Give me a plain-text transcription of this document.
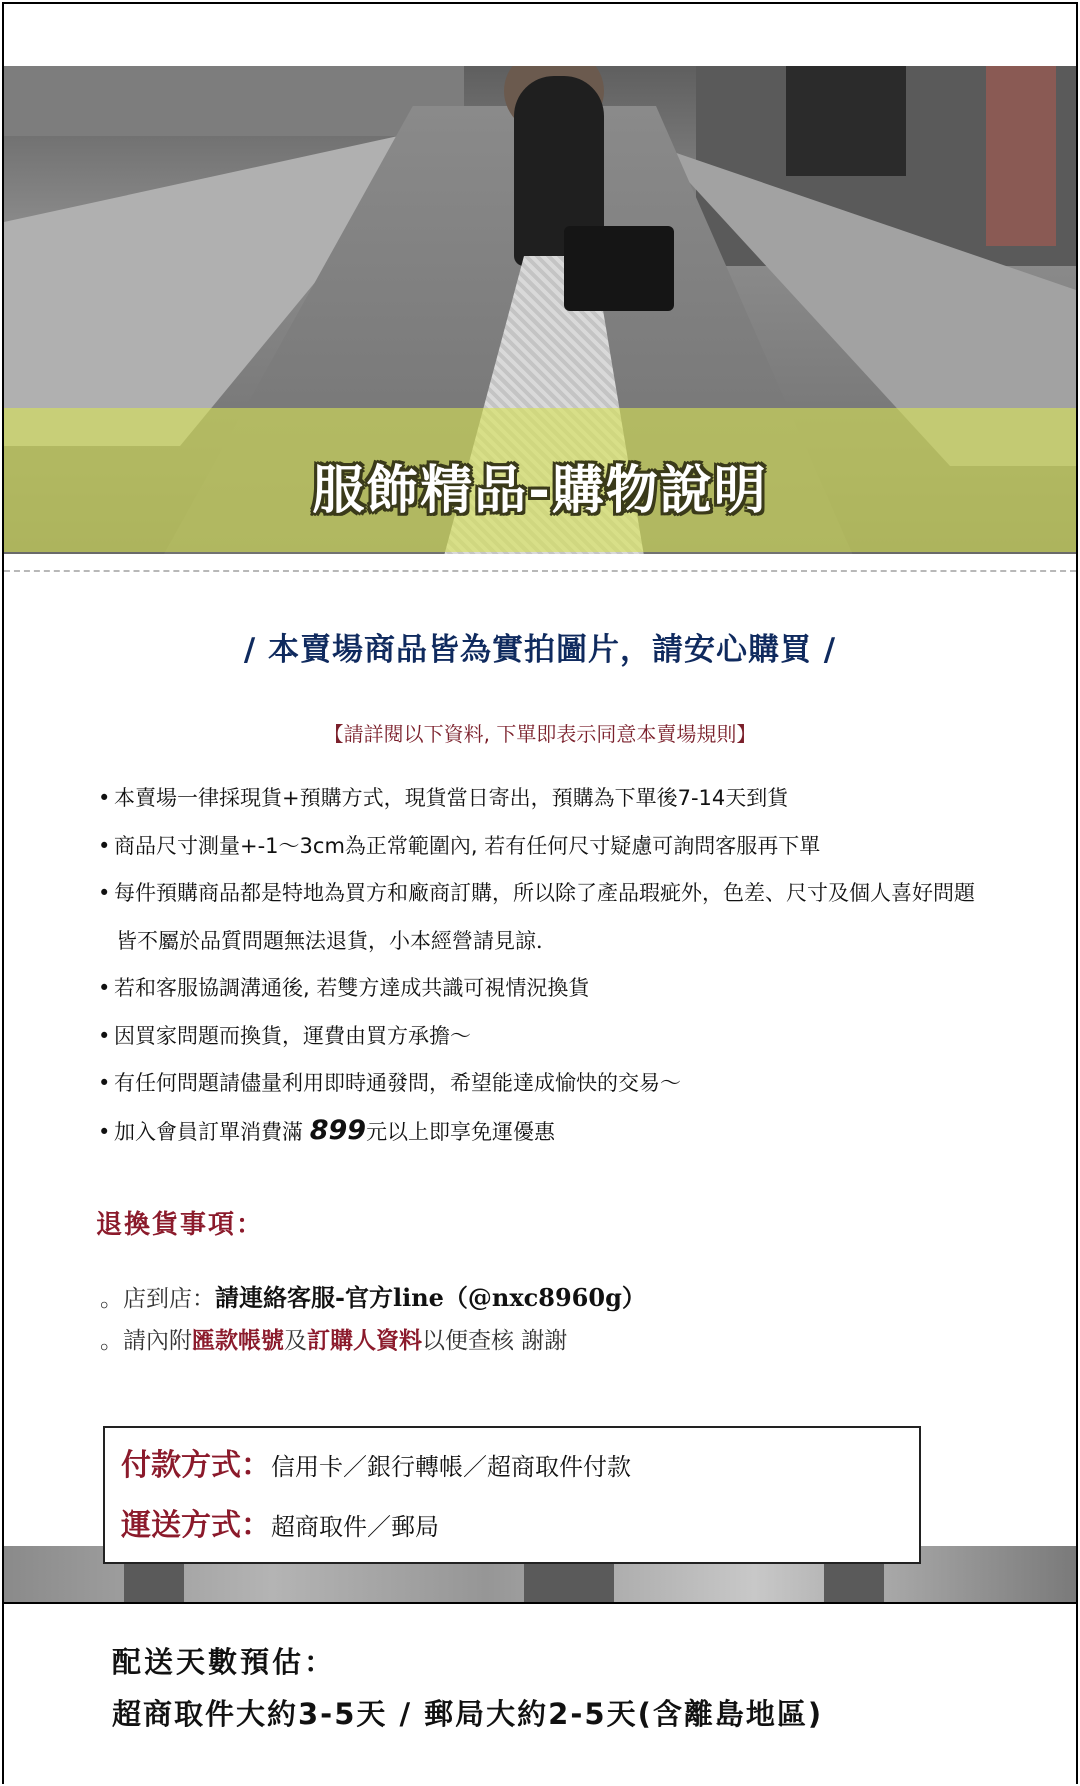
服飾精品-購物說明
/ 本賣場商品皆為實拍圖片，請安心購買 /
【請詳閱以下資料, 下單即表示同意本賣場規則】
• 本賣場一律採現貨+預購方式，現貨當日寄出，預購為下單後7-14天到貨
• 商品尺寸測量+-1～3cm為正常範圍內, 若有任何尺寸疑慮可詢問客服再下單
• 每件預購商品都是特地為買方和廠商訂購，所以除了產品瑕疵外，色差、尺寸及個人喜好問題
皆不屬於品質問題無法退貨，小本經營請見諒．
• 若和客服協調溝通後, 若雙方達成共識可視情況換貨
• 因買家問題而換貨，運費由買方承擔～
• 有任何問題請儘量利用即時通發問，希望能達成愉快的交易～
• 加入會員訂單消費滿 899元以上即享免運優惠
退換貨事項：
。店到店：請連絡客服-官方line（@nxc8960g）
。請內附匯款帳號及訂購人資料以便查核 謝謝
付款方式：信用卡／銀行轉帳／超商取件付款
運送方式：超商取件／郵局
配送天數預估：
超商取件大約3-5天 / 郵局大約2-5天(含離島地區)
